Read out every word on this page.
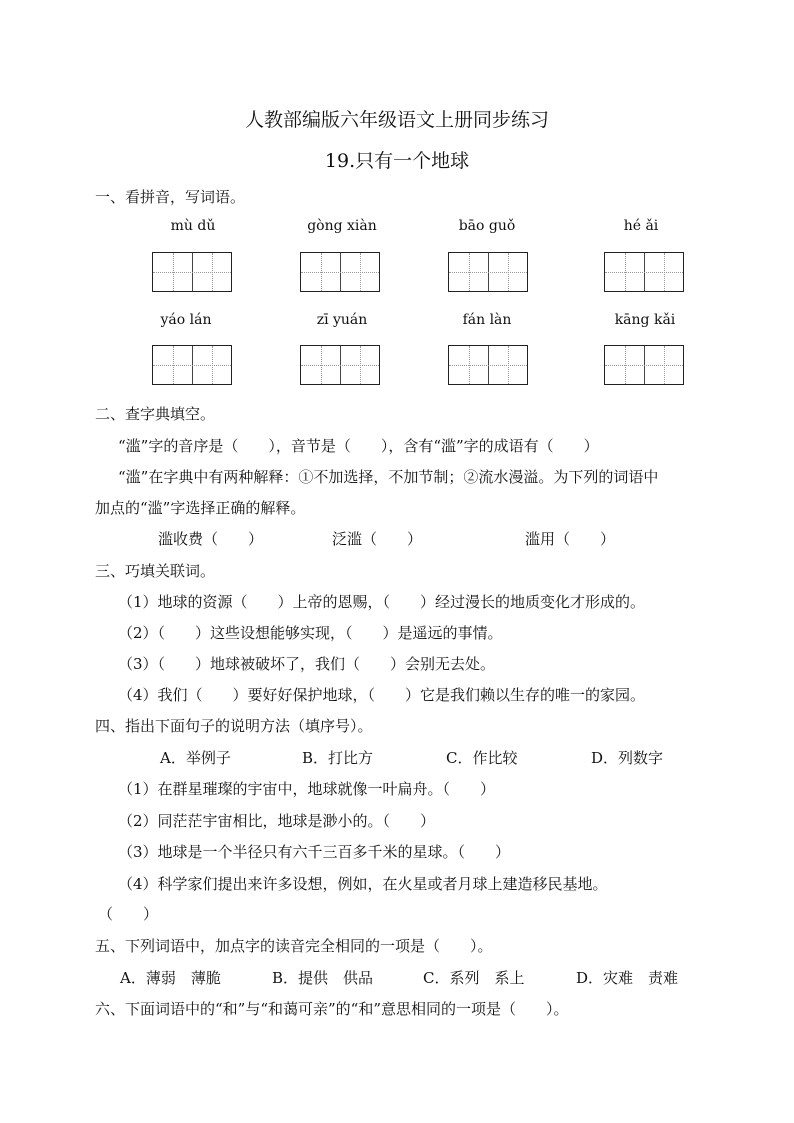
人教部编版六年级语文上册同步练习
19.只有一个地球
一、看拼音，写词语。
mù dǔ	gòng xiàn	bāo guǒ	hé ǎi
yáo lán	zī yuán	fán làn	kāng kǎi
二、查字典填空。
“滥”字的音序是（　　），音节是（　　），含有“滥”字的成语有（　　）
“滥”在字典中有两种解释：①不加选择，不加节制；②流水漫溢。为下列的词语中
加点的“滥”字选择正确的解释。
滥收费（　　）	泛滥（　　）	滥用（　　）
三、巧填关联词。
（1）地球的资源（　　）上帝的恩赐，（　　）经过漫长的地质变化才形成的。
（2）（　　）这些设想能够实现，（　　）是遥远的事情。
（3）（　　）地球被破坏了，我们（　　）会别无去处。
（4）我们（　　）要好好保护地球，（　　）它是我们赖以生存的唯一的家园。
四、指出下面句子的说明方法（填序号）。
A．举例子	B．打比方	C．作比较	D．列数字
（1）在群星璀璨的宇宙中，地球就像一叶扁舟。（　　）
（2）同茫茫宇宙相比，地球是渺小的。（　　）
（3）地球是一个半径只有六千三百多千米的星球。（　　）
（4）科学家们提出来许多设想，例如，在火星或者月球上建造移民基地。
（　　）
五、下列词语中，加点字的读音完全相同的一项是（　　）。
A．薄弱　薄脆	B．提供　供品	C．系列　系上	D．灾难　责难
六、下面词语中的“和”与“和蔼可亲”的“和”意思相同的一项是（　　）。
